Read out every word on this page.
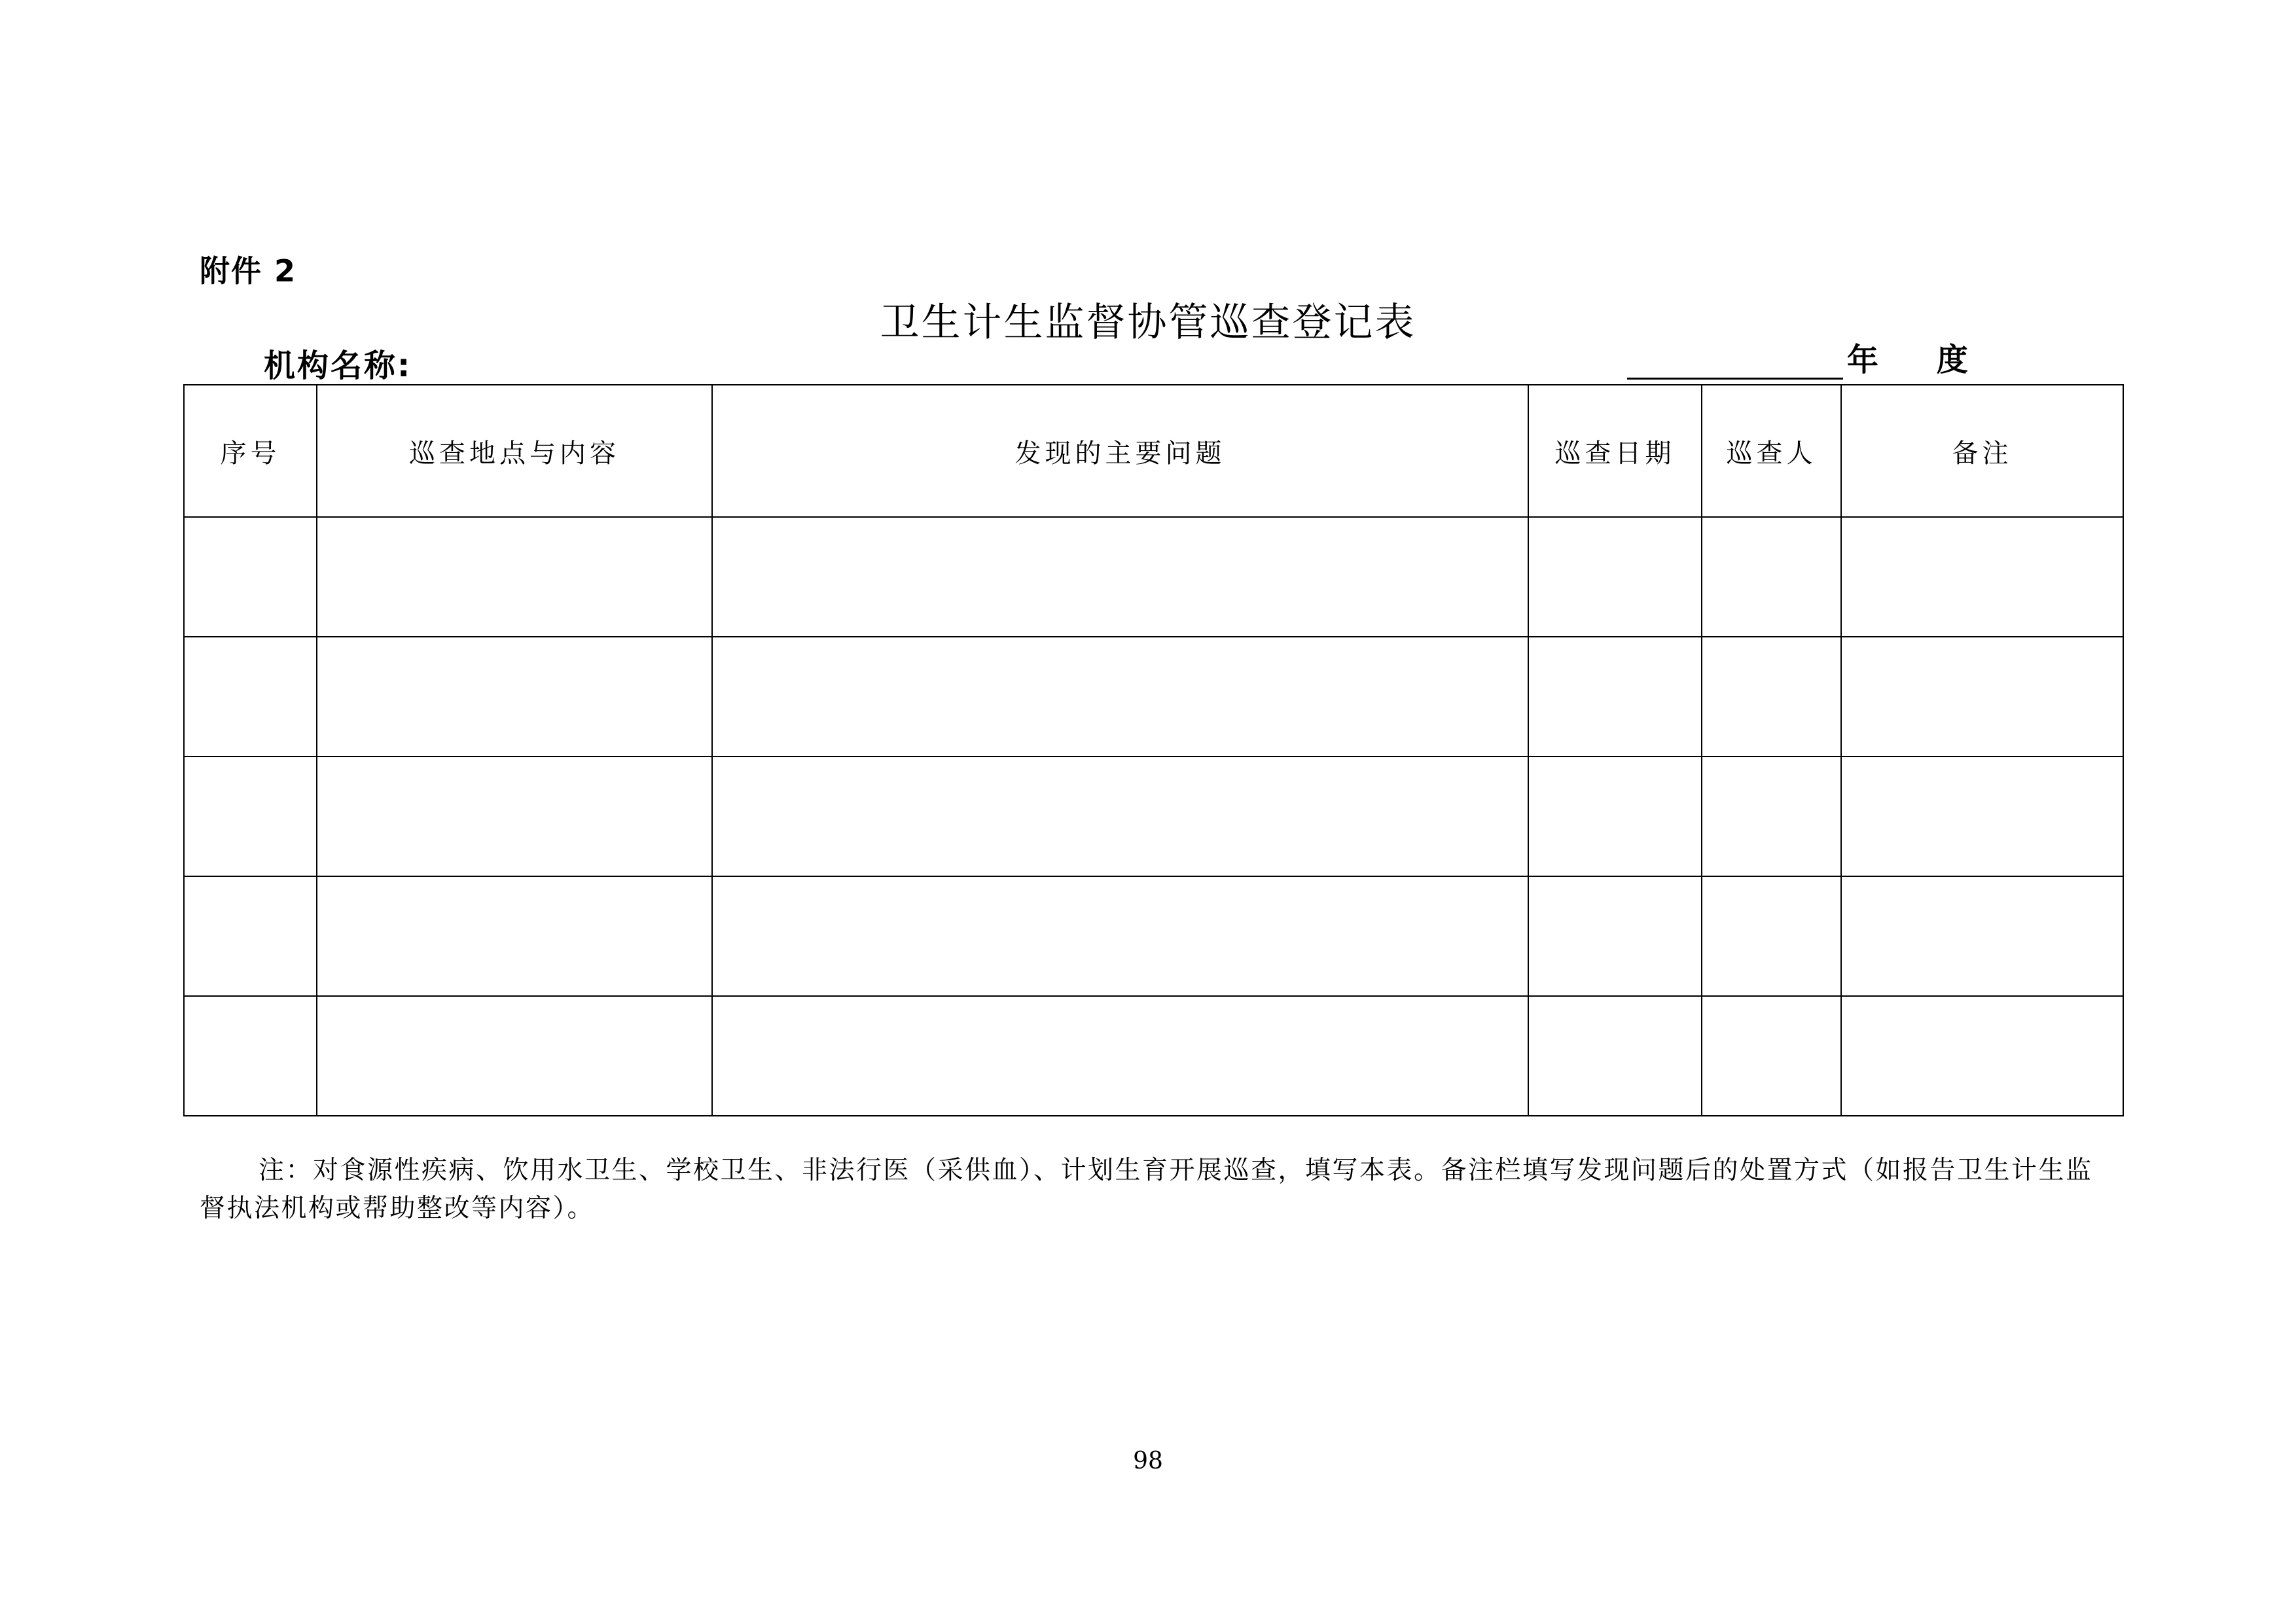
附件 2
卫生计生监督协管巡查登记表
机构名称:	年 度
序号	巡查地点与内容	发现的主要问题	巡查日期	巡查人	备注

注：对食源性疾病、饮用水卫生、学校卫生、非法行医（采供血）、计划生育开展巡查，填写本表。备注栏填写发现问题后的处置方式（如报告卫生计生监督执法机构或帮助整改等内容）。
98
